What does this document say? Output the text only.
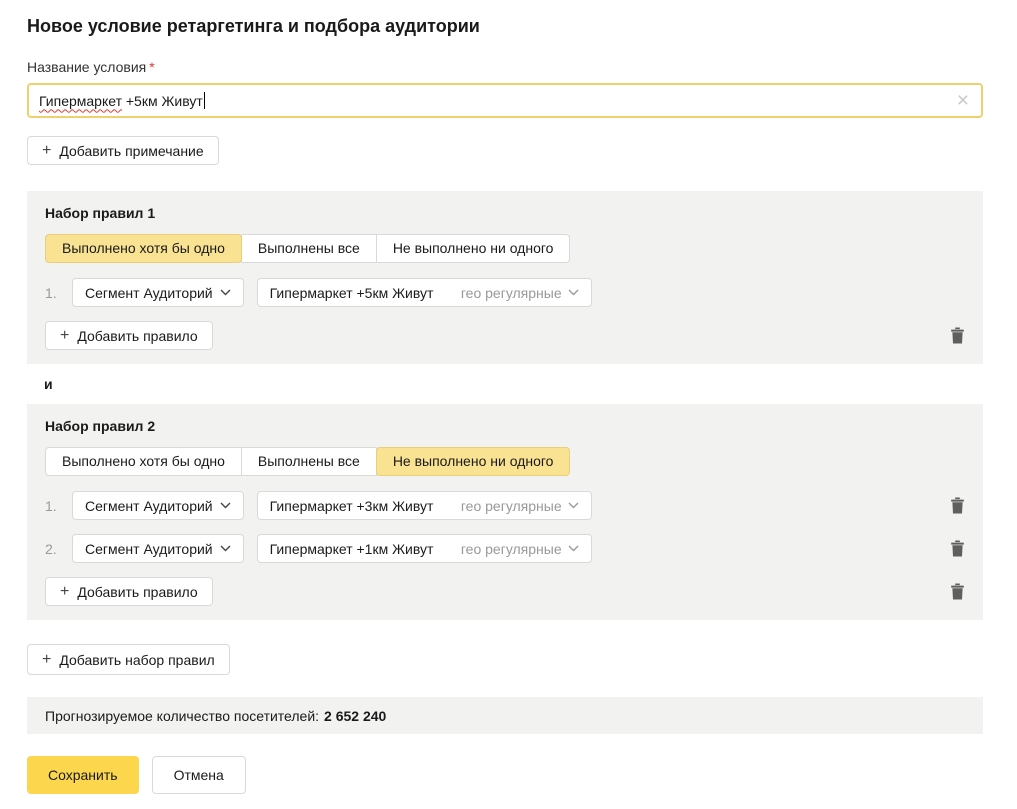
Новое условие ретаргетинга и подбора аудитории
Название условия *
Гипермаркет +5км Живут	×
+ Добавить примечание
Набор правил 1
Выполнено хотя бы одно	Выполнены все	Не выполнено ни одного
1.	Сегмент Аудиторий	Гипермаркет +5км Живут гео регулярные
+ Добавить правило
и
Набор правил 2
Выполнено хотя бы одно	Выполнены все	Не выполнено ни одного
1.	Сегмент Аудиторий	Гипермаркет +3км Живут гео регулярные
2.	Сегмент Аудиторий	Гипермаркет +1км Живут гео регулярные
+ Добавить правило
+ Добавить набор правил
Прогнозируемое количество посетителей: 2 652 240
Сохранить	Отмена
